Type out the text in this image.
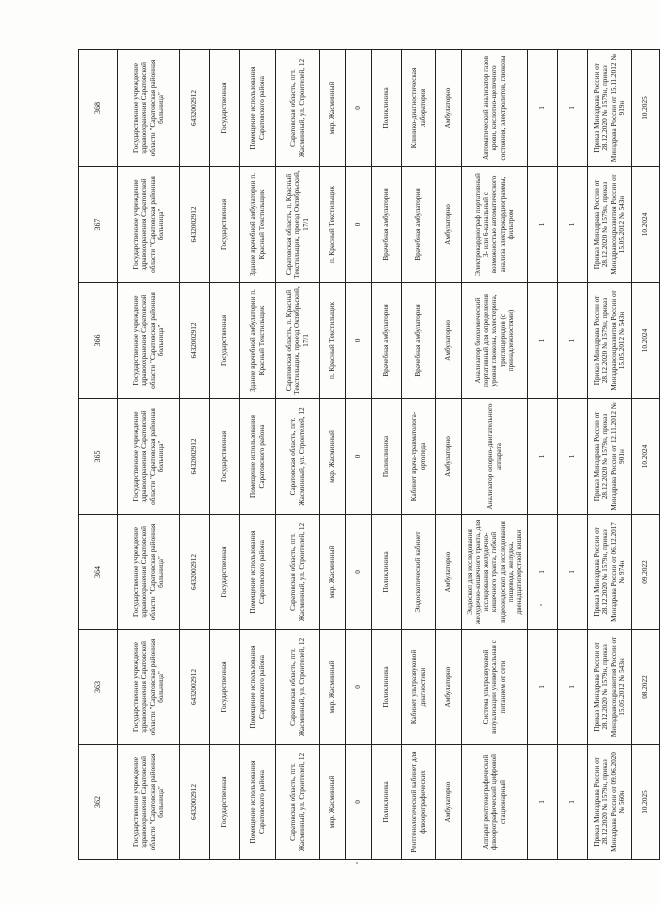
362	363	364	365	366	367	368
Государственное учреждение здравоохранения Саратовской области "Саратовская районная больница"	Государственное учреждение здравоохранения Саратовской области "Саратовская районная больница"	Государственное учреждение здравоохранения Саратовской области "Саратовская районная больница"	Государственное учреждение здравоохранения Саратовской области "Саратовская районная больница"	Государственное учреждение здравоохранения Саратовской области "Саратовская районная больница"	Государственное учреждение здравоохранения Саратовской области "Саратовская районная больница"	Государственное учреждение здравоохранения Саратовской области "Саратовская районная больница"
6432002912	6432002912	6432002912	6432002912	6432002912	6432002912	6432002912
Государственная	Государственная	Государственная	Государственная	Государственная	Государственная	Государственная
Помещение использования Саратовского района	Помещение использования Саратовского района	Помещение использования Саратовского района	Помещение использования Саратовского района	Здание врачебной амбулатории п. Красный Текстильщик	Здание врачебной амбулатории п. Красный Текстильщик	Помещение использования Саратовского района
Саратовская область, пгт. Жасминный, ул. Строителей, 12	Саратовская область, пгт. Жасминный, ул. Строителей, 12	Саратовская область, пгт. Жасминный, ул. Строителей, 12	Саратовская область, пгт. Жасминный, ул. Строителей, 12	Саратовская область, п. Красный Текстильщик, проезд Октябрьский, 17/1	Саратовская область, п. Красный Текстильщик, проезд Октябрьский, 17/1	Саратовская область, пгт. Жасминный, ул. Строителей, 12
мкр. Жасминный	мкр. Жасминный	мкр. Жасминный	мкр. Жасминный	п. Красный Текстильщик	п. Красный Текстильщик	мкр. Жасминный
0	0	0	0	0	0	0
Поликлиника	Поликлиника	Поликлиника	Поликлиника	Врачебная амбулатория	Врачебная амбулатория	Поликлиника
Рентгенологический кабинет для флюорографических	Кабинет ультразвуковой диагностики	Эндоскопический кабинет	Кабинет врача-травматолога-ортопеда	Врачебная амбулатория	Врачебная амбулатория	Клинико-диагностическая лаборатория
Амбулаторно	Амбулаторно	Амбулаторно	Амбулаторно	Амбулаторно	Амбулаторно	Амбулаторно
Аппарат рентгенографический флюорографический цифровой стационарный	Система ультразвуковой визуализации универсальная с питанием от сети	Эндоскоп для исследования желудочно-кишечного тракта, для исследования желудочно-кишечного тракта, гибкий видеоэндоскоп для исследования пищевода, желудка, двенадцатиперстной кишки	Анализатор опорно-двигательного аппарата	Анализатор биохимический портативный для определения уровня глюкозы, холестерина, триглицеридов (с принадлежностями)	Электрокардиограф портативный 3- или 6-канальный с возможностью автоматического анализа электрокардиограммы, фильтром	Автоматический анализатор газов крови, кислотно-щелочного состояния, электролитов, глюкозы
1	1	1	1	1	1	1
1	1	1	1	1	1	1
Приказ Минздрава России от 28.12.2020 № 1579н, приказ Минздрава России от 09.06.2020 № 560н	Приказ Минздрава России от 28.12.2020 № 1579н, приказ Минздравсоцразвития России от 15.05.2012 № 543н	Приказ Минздрава России от 28.12.2020 № 1579н, приказ Минздрава России от 06.12.2017 № 974н	Приказ Минздрава России от 28.12.2020 № 1579н, приказ Минздрава России от 12.11.2012 № 901н	Приказ Минздрава России от 28.12.2020 № 1579н, приказ Минздравсоцразвития России от 15.05.2012 № 543н	Приказ Минздрава России от 28.12.2020 № 1579н, приказ Минздравсоцразвития России от 15.05.2012 № 543н	Приказ Минздрава России от 28.12.2020 № 1579н, приказ Минздрава России от 15.11.2012 № 919н
10.2025	08.2022	09.2022	10.2024	10.2024	10.2024	10.2025
